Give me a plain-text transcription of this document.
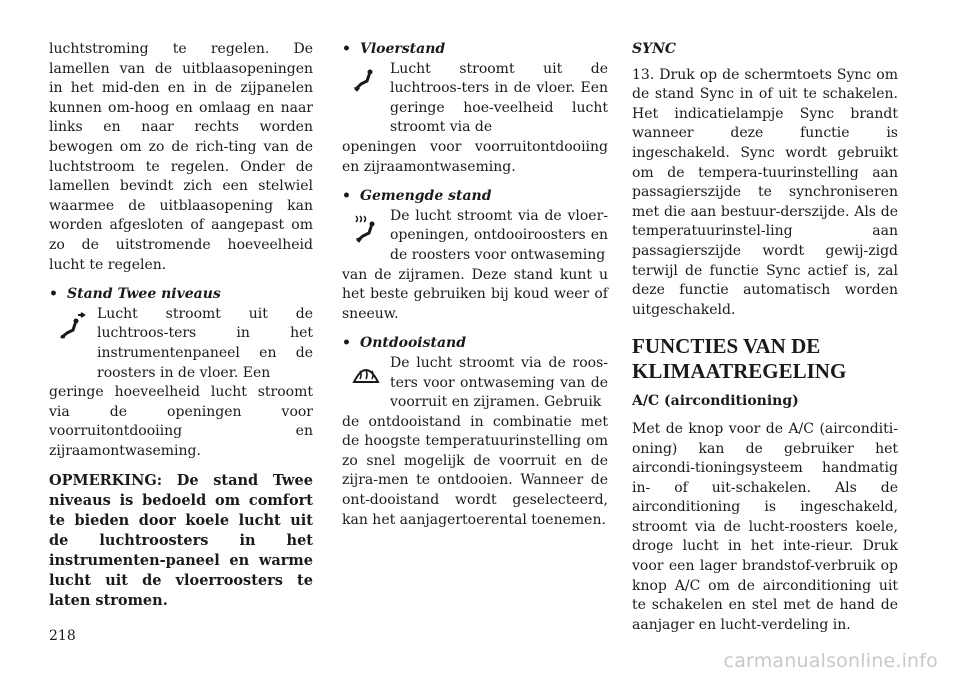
luchtstroming te regelen. De lamellen van de uitblaasopeningen in het mid-den en in de zijpanelen kunnen om-hoog en omlaag en naar links en naar rechts worden bewogen om zo de rich-ting van de luchtstroom te regelen. Onder de lamellen bevindt zich een stelwiel waarmee de uitblaasopening kan worden afgesloten of aangepast om zo de uitstromende hoeveelheid lucht te regelen.

• Stand Twee niveaus

Lucht stroomt uit de luchtroos-ters in het instrumentenpaneel en de roosters in de vloer. Een

geringe hoeveelheid lucht stroomt via de openingen voor voorruitontdooiing en zijraamontwaseming.

OPMERKING: De stand Twee niveaus is bedoeld om comfort te bieden door koele lucht uit de luchtroosters in het instrumenten-paneel en warme lucht uit de vloerroosters te laten stromen.

• Vloerstand

Lucht stroomt uit de luchtroos-ters in de vloer. Een geringe hoe-veelheid lucht stroomt via de

openingen voor voorruitontdooiing en zijraamontwaseming.

• Gemengde stand

De lucht stroomt via de vloer-openingen, ontdooiroosters en de roosters voor ontwaseming

van de zijramen. Deze stand kunt u het beste gebruiken bij koud weer of sneeuw.

• Ontdooistand

De lucht stroomt via de roos-ters voor ontwaseming van de voorruit en zijramen. Gebruik

de ontdooistand in combinatie met de hoogste temperatuurinstelling om zo snel mogelijk de voorruit en de zijra-men te ontdooien. Wanneer de ont-dooistand wordt geselecteerd, kan het aanjagertoerental toenemen.

SYNC

13. Druk op de schermtoets Sync om de stand Sync in of uit te schakelen. Het indicatielampje Sync brandt wanneer deze functie is ingeschakeld. Sync wordt gebruikt om de tempera-tuurinstelling aan passagierszijde te synchroniseren met die aan bestuur-derszijde. Als de temperatuurinstel-ling aan passagierszijde wordt gewij-zigd terwijl de functie Sync actief is, zal deze functie automatisch worden uitgeschakeld.

FUNCTIES VAN DE KLIMAATREGELING

A/C (airconditioning)

Met de knop voor de A/C (airconditi-oning) kan de gebruiker het aircondi-tioningsysteem handmatig in- of uit-schakelen. Als de airconditioning is ingeschakeld, stroomt via de lucht-roosters koele, droge lucht in het inte-rieur. Druk voor een lager brandstof-verbruik op knop A/C om de airconditioning uit te schakelen en stel met de hand de aanjager en lucht-verdeling in.

218
carmanualsonline.info
